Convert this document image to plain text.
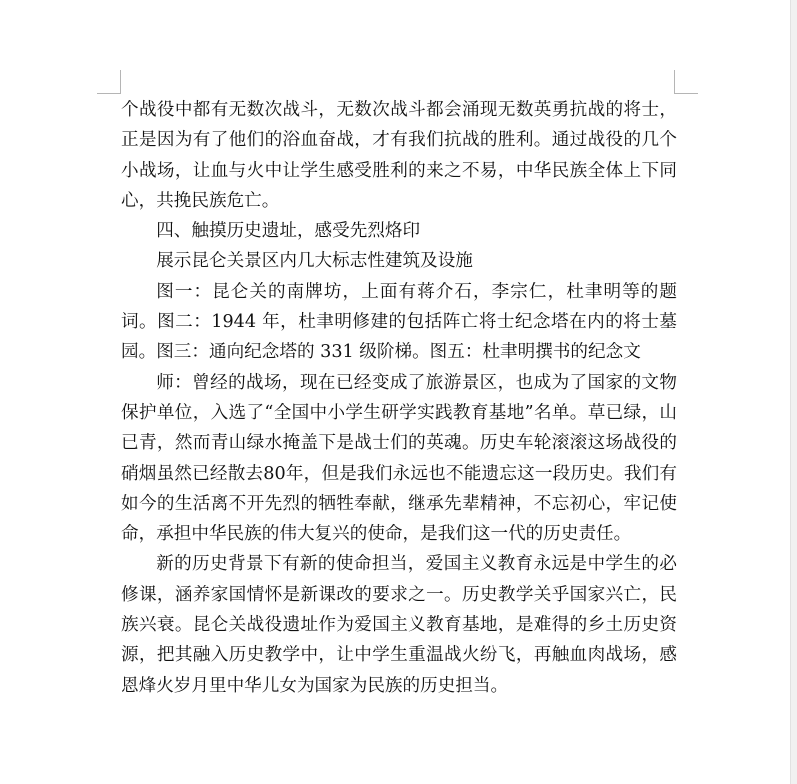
个战役中都有无数次战斗，无数次战斗都会涌现无数英勇抗战的将士，正是因为有了他们的浴血奋战，才有我们抗战的胜利。通过战役的几个小战场，让血与火中让学生感受胜利的来之不易，中华民族全体上下同心，共挽民族危亡。

四、触摸历史遗址，感受先烈烙印

展示昆仑关景区内几大标志性建筑及设施

图一：昆仑关的南牌坊，上面有蒋介石，李宗仁，杜聿明等的题词。图二：1944 年，杜聿明修建的包括阵亡将士纪念塔在内的将士墓园。图三：通向纪念塔的 331 级阶梯。图五：杜聿明撰书的纪念文

师：曾经的战场，现在已经变成了旅游景区，也成为了国家的文物保护单位，入选了“全国中小学生研学实践教育基地”名单。草已绿，山已青，然而青山绿水掩盖下是战士们的英魂。历史车轮滚滚这场战役的硝烟虽然已经散去80年，但是我们永远也不能遗忘这一段历史。我们有如今的生活离不开先烈的牺牲奉献，继承先辈精神，不忘初心，牢记使命，承担中华民族的伟大复兴的使命，是我们这一代的历史责任。

新的历史背景下有新的使命担当，爱国主义教育永远是中学生的必修课，涵养家国情怀是新课改的要求之一。历史教学关乎国家兴亡，民族兴衰。昆仑关战役遗址作为爱国主义教育基地，是难得的乡土历史资源，把其融入历史教学中，让中学生重温战火纷飞，再触血肉战场，感恩烽火岁月里中华儿女为国家为民族的历史担当。
